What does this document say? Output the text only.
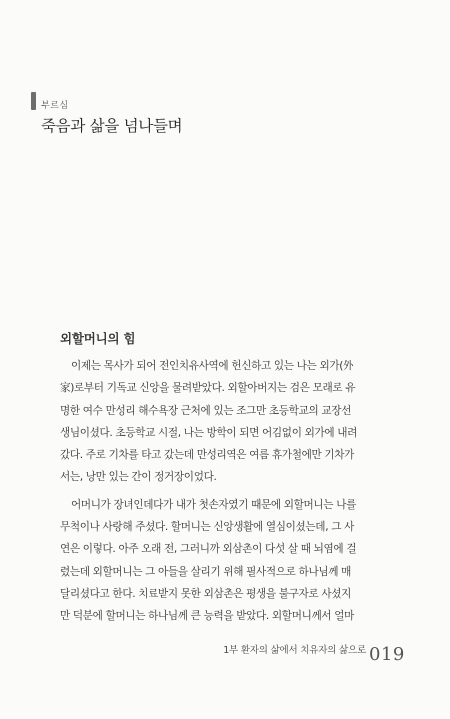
부르심
죽음과 삶을 넘나들며
외할머니의 힘
이제는 목사가 되어 전인치유사역에 헌신하고 있는 나는 외가(外
家)로부터 기독교 신앙을 물려받았다. 외할아버지는 검은 모래로 유
명한 여수 만성리 해수욕장 근처에 있는 조그만 초등학교의 교장선
생님이셨다. 초등학교 시절, 나는 방학이 되면 어김없이 외가에 내려
갔다. 주로 기차를 타고 갔는데 만성리역은 여름 휴가철에만 기차가
서는, 낭만 있는 간이 정거장이었다.
어머니가 장녀인데다가 내가 첫손자였기 때문에 외할머니는 나를
무척이나 사랑해 주셨다. 할머니는 신앙생활에 열심이셨는데, 그 사
연은 이렇다. 아주 오래 전, 그러니까 외삼촌이 다섯 살 때 뇌염에 걸
렸는데 외할머니는 그 아들을 살리기 위해 필사적으로 하나님께 매
달리셨다고 한다. 치료받지 못한 외삼촌은 평생을 불구자로 사셨지
만 덕분에 할머니는 하나님께 큰 능력을 받았다. 외할머니께서 얼마
1부 환자의 삶에서 치유자의 삶으로 019
